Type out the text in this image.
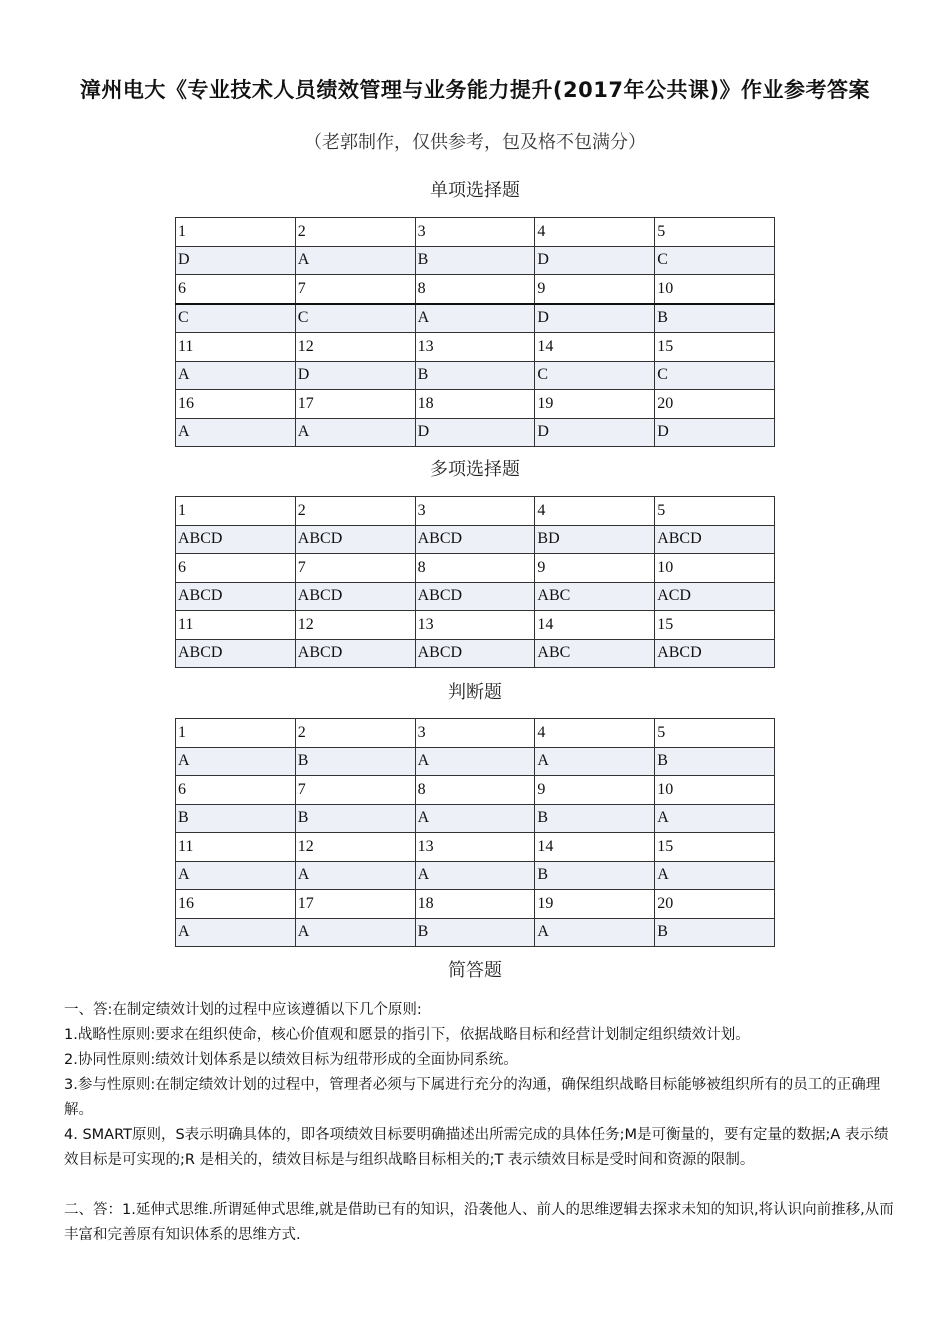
漳州电大《专业技术人员绩效管理与业务能力提升(2017年公共课)》作业参考答案
（老郭制作，仅供参考，包及格不包满分）
单项选择题
1	2	3	4	5
D	A	B	D	C
6	7	8	9	10
C	C	A	D	B
11	12	13	14	15
A	D	B	C	C
16	17	18	19	20
A	A	D	D	D
多项选择题
1	2	3	4	5
ABCD	ABCD	ABCD	BD	ABCD
6	7	8	9	10
ABCD	ABCD	ABCD	ABC	ACD
11	12	13	14	15
ABCD	ABCD	ABCD	ABC	ABCD
判断题
1	2	3	4	5
A	B	A	A	B
6	7	8	9	10
B	B	A	B	A
11	12	13	14	15
A	A	A	B	A
16	17	18	19	20
A	A	B	A	B
简答题

一、答:在制定绩效计划的过程中应该遵循以下几个原则:

1.战略性原则:要求在组织使命，核心价值观和愿景的指引下，依据战略目标和经营计划制定组织绩效计划。

2.协同性原则:绩效计划体系是以绩效目标为纽带形成的全面协同系统。

3.参与性原则:在制定绩效计划的过程中，管理者必须与下属进行充分的沟通，确保组织战略目标能够被组织所有的员工的正确理解。

4. SMART原则，S表示明确具体的，即各项绩效目标要明确描述出所需完成的具体任务;M是可衡量的，要有定量的数据;A 表示绩效目标是可实现的;R 是相关的，绩效目标是与组织战略目标相关的;T 表示绩效目标是受时间和资源的限制。

二、答：1.延伸式思维.所谓延伸式思维,就是借助已有的知识，沿袭他人、前人的思维逻辑去探求未知的知识,将认识向前推移,从而丰富和完善原有知识体系的思维方式.
